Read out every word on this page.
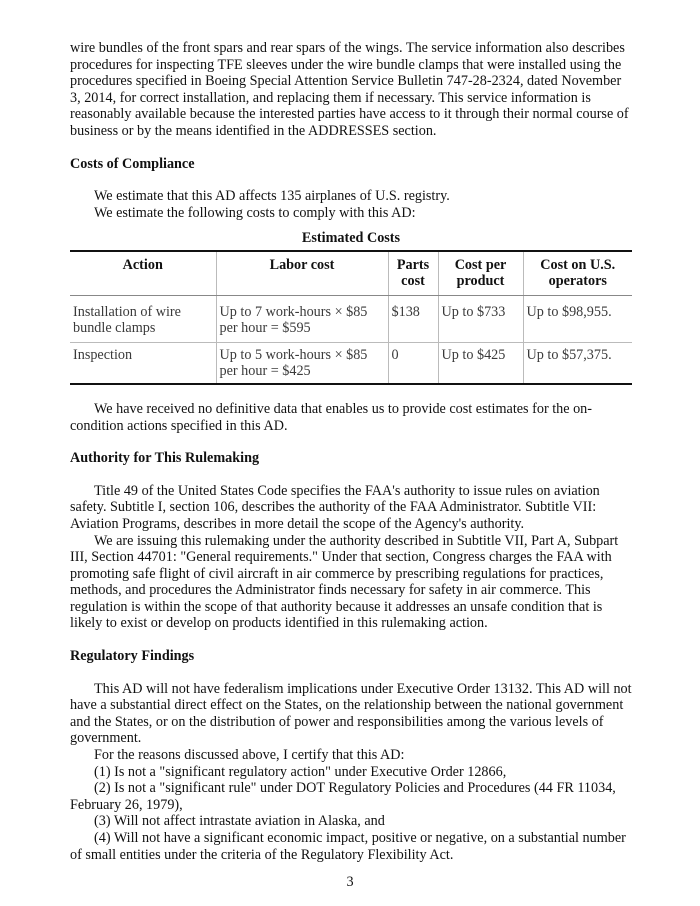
wire bundles of the front spars and rear spars of the wings. The service information also describes procedures for inspecting TFE sleeves under the wire bundle clamps that were installed using the procedures specified in Boeing Special Attention Service Bulletin 747-28-2324, dated November 3, 2014, for correct installation, and replacing them if necessary. This service information is reasonably available because the interested parties have access to it through their normal course of business or by the means identified in the ADDRESSES section.

Costs of Compliance

We estimate that this AD affects 135 airplanes of U.S. registry.

We estimate the following costs to comply with this AD:

Estimated Costs
Action	Labor cost	Parts cost	Cost per product	Cost on U.S. operators
Installation of wire bundle clamps	Up to 7 work-hours × $85 per hour = $595	$138	Up to $733	Up to $98,955.
Inspection	Up to 5 work-hours × $85 per hour = $425	0	Up to $425	Up to $57,375.

We have received no definitive data that enables us to provide cost estimates for the on-condition actions specified in this AD.

Authority for This Rulemaking

Title 49 of the United States Code specifies the FAA's authority to issue rules on aviation safety. Subtitle I, section 106, describes the authority of the FAA Administrator. Subtitle VII: Aviation Programs, describes in more detail the scope of the Agency's authority.

We are issuing this rulemaking under the authority described in Subtitle VII, Part A, Subpart III, Section 44701: "General requirements." Under that section, Congress charges the FAA with promoting safe flight of civil aircraft in air commerce by prescribing regulations for practices, methods, and procedures the Administrator finds necessary for safety in air commerce. This regulation is within the scope of that authority because it addresses an unsafe condition that is likely to exist or develop on products identified in this rulemaking action.

Regulatory Findings

This AD will not have federalism implications under Executive Order 13132. This AD will not have a substantial direct effect on the States, on the relationship between the national government and the States, or on the distribution of power and responsibilities among the various levels of government.

For the reasons discussed above, I certify that this AD:

(1) Is not a "significant regulatory action" under Executive Order 12866,

(2) Is not a "significant rule" under DOT Regulatory Policies and Procedures (44 FR 11034, February 26, 1979),

(3) Will not affect intrastate aviation in Alaska, and

(4) Will not have a significant economic impact, positive or negative, on a substantial number of small entities under the criteria of the Regulatory Flexibility Act.

3
